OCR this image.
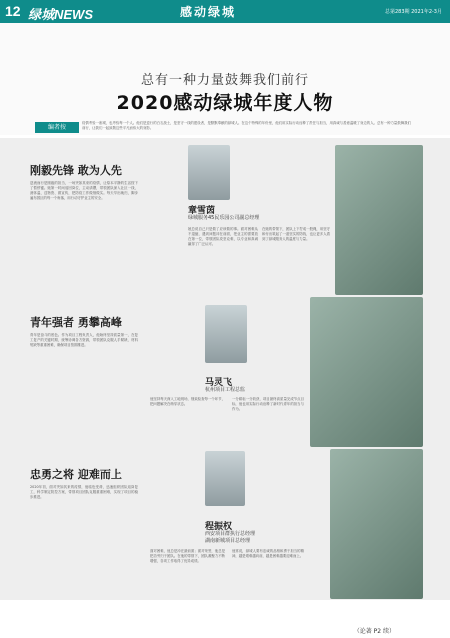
12 绿城NEWS	感动绿城	总第283期 2021年2-3月
总有一种力量鼓舞我们前行
2020感动绿城年度人物
编者按
疫情考验一座城，也考验每一个人。他们是逆行的白衣战士，是坚守一线的建设者，是默默奉献的绿城人。在这个特殊的年份里，他们用实际行动诠释了责任与担当，用真诚与善意温暖了身边的人。总有一种力量鼓舞我们前行，让我们一起致敬这些平凡而伟大的身影。
刚毅先锋 敢为人先
逆流而行是刚毅的担当，一场突如其来的疫情，让原本平静的生活按下了暂停键。她第一时间返回岗位，主动请缨，带领团队深入社区一线，测体温、送物资、做宣传，把防疫工作做细做实。每天早出晚归，脚步遍布园区的每一个角落，用行动守护业主的安全。
章雪茵
绿城服务45民乐园公司副总经理
她总说自己只是做了应该做的事。面对困难从不退缩，遇到问题冲在前面，把业主的需要放在第一位，带领团队攻坚克难，以专业和真诚赢得了广泛认可。
在她的带领下，团队上下拧成一股绳，用坚守和付出筑起了一道坚实的防线，也让更多人看到了绿城服务人的温度与力量。
青年强者 勇攀高峰
青年是奋斗的底色。作为项目工程负责人，他始终坚持质量第一，在复工复产的关键时期，统筹协调各方资源，带领团队克服人手紧缺、材料短缺等重重困难，确保项目按期推进。
马灵飞
杭州项目工程总监
他坚持每天深入工地现场，细致检查每一个环节，把问题解决在萌芽状态。
一分耕耘一分收获，项目最终高质量完成节点目标，他也用实际行动诠释了新时代青年的担当与作为。
忠勇之将 迎难而上
2020年初，面对突如其来的疫情，他临危受命，迅速组织团队返岗复工，科学制定防控方案，带领项目团队克服重重困难，实现了项目的稳步推进。
程振权
西安项目群执行总经理
湖南新城项目总经理
面对困难，他总是冲在最前面；面对荣誉，他总是把功劳归于团队。在他的带领下，团队凝聚力不断增强，各项工作取得了优异成绩。
他常说，绿城人要有忠诚的品格和勇于担当的精神，越是艰难越向前，越是困难越要迎难而上。
（论著 P2 续）
